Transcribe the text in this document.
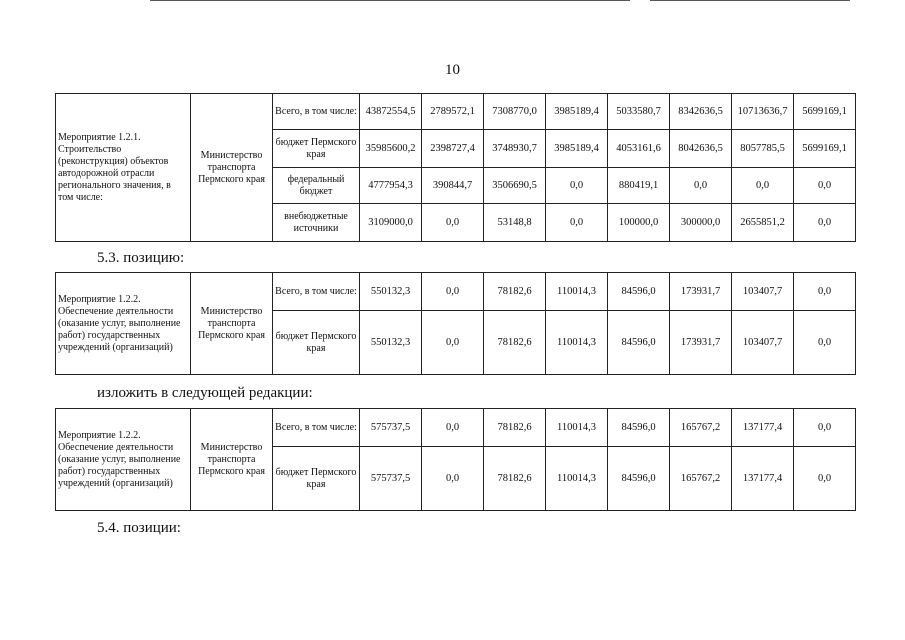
10
Мероприятие 1.2.1. Строительство (реконструкция) объектов автодорожной отрасли регионального значения, в том числе:	Министерство транспорта Пермского края	Всего, в том числе:	43872554,5	2789572,1	7308770,0	3985189,4	5033580,7	8342636,5	10713636,7	5699169,1
		бюджет Пермского края	35985600,2	2398727,4	3748930,7	3985189,4	4053161,6	8042636,5	8057785,5	5699169,1
		федеральный бюджет	4777954,3	390844,7	3506690,5	0,0	880419,1	0,0	0,0	0,0
		внебюджетные источники	3109000,0	0,0	53148,8	0,0	100000,0	300000,0	2655851,2	0,0
5.3. позицию:
Мероприятие 1.2.2. Обеспечение деятельности (оказание услуг, выполнение работ) государственных учреждений (организаций)	Министерство транспорта Пермского края	Всего, в том числе:	550132,3	0,0	78182,6	110014,3	84596,0	173931,7	103407,7	0,0
		бюджет Пермского края	550132,3	0,0	78182,6	110014,3	84596,0	173931,7	103407,7	0,0
изложить в следующей редакции:
Мероприятие 1.2.2. Обеспечение деятельности (оказание услуг, выполнение работ) государственных учреждений (организаций)	Министерство транспорта Пермского края	Всего, в том числе:	575737,5	0,0	78182,6	110014,3	84596,0	165767,2	137177,4	0,0
		бюджет Пермского края	575737,5	0,0	78182,6	110014,3	84596,0	165767,2	137177,4	0,0
5.4. позиции:
